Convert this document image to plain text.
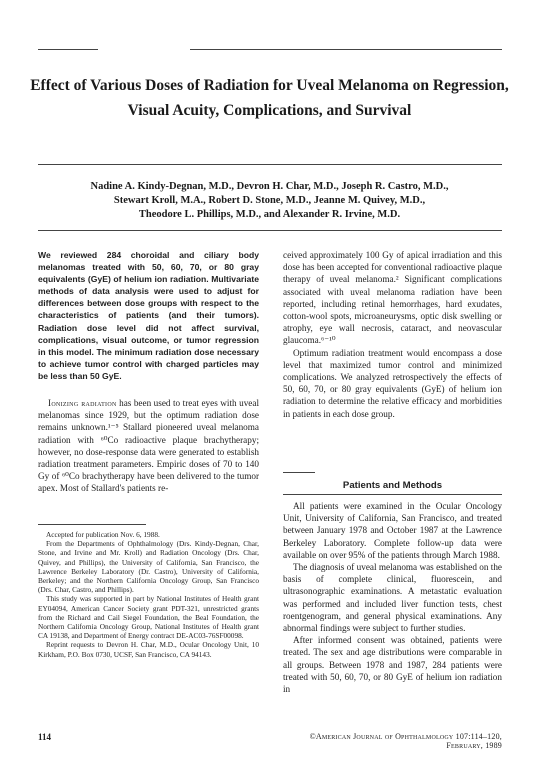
Effect of Various Doses of Radiation for Uveal Melanoma on Regression, Visual Acuity, Complications, and Survival
Nadine A. Kindy-Degnan, M.D., Devron H. Char, M.D., Joseph R. Castro, M.D.,
Stewart Kroll, M.A., Robert D. Stone, M.D., Jeanne M. Quivey, M.D.,
Theodore L. Phillips, M.D., and Alexander R. Irvine, M.D.

We reviewed 284 choroidal and ciliary body melanomas treated with 50, 60, 70, or 80 gray equivalents (GyE) of helium ion radiation. Multivariate methods of data analysis were used to adjust for differences between dose groups with respect to the characteristics of patients (and their tumors). Radiation dose level did not affect survival, complications, visual outcome, or tumor regression in this model. The minimum radiation dose necessary to achieve tumor control with charged particles may be less than 50 GyE.

Ionizing radiation has been used to treat eyes with uveal melanomas since 1929, but the optimum radiation dose remains unknown.¹⁻⁵ Stallard pioneered uveal melanoma radiation with ⁶⁰Co radioactive plaque brachytherapy; however, no dose-response data were generated to establish radiation treatment parameters. Empiric doses of 70 to 140 Gy of ⁶⁰Co brachytherapy have been delivered to the tumor apex. Most of Stallard's patients re-

Accepted for publication Nov. 6, 1988.

From the Departments of Ophthalmology (Drs. Kindy-Degnan, Char, Stone, and Irvine and Mr. Kroll) and Radiation Oncology (Drs. Char, Quivey, and Phillips), the University of California, San Francisco, the Lawrence Berkeley Laboratory (Dr. Castro), University of California, Berkeley; and the Northern California Oncology Group, San Francisco (Drs. Char, Castro, and Phillips).

This study was supported in part by National Institutes of Health grant EY04094, American Cancer Society grant PDT-321, unrestricted grants from the Richard and Cail Siegel Foundation, the Beal Foundation, the Northern California Oncology Group, National Institutes of Health grant CA 19138, and Department of Energy contract DE-AC03-76SF00098.

Reprint requests to Devron H. Char, M.D., Ocular Oncology Unit, 10 Kirkham, P.O. Box 0730, UCSF, San Francisco, CA 94143.

ceived approximately 100 Gy of apical irradiation and this dose has been accepted for conventional radioactive plaque therapy of uveal melanoma.² Significant complications associated with uveal melanoma radiation have been reported, including retinal hemorrhages, hard exudates, cotton-wool spots, microaneurysms, optic disk swelling or atrophy, eye wall necrosis, cataract, and neovascular glaucoma.⁶⁻¹⁰

Optimum radiation treatment would encompass a dose level that maximized tumor control and minimized complications. We analyzed retrospectively the effects of 50, 60, 70, or 80 gray equivalents (GyE) of helium ion radiation to determine the relative efficacy and morbidities in patients in each dose group.

Patients and Methods

All patients were examined in the Ocular Oncology Unit, University of California, San Francisco, and treated between January 1978 and October 1987 at the Lawrence Berkeley Laboratory. Complete follow-up data were available on over 95% of the patients through March 1988.

The diagnosis of uveal melanoma was established on the basis of complete clinical, fluorescein, and ultrasonographic examinations. A metastatic evaluation was performed and included liver function tests, chest roentgenogram, and general physical examinations. Any abnormal findings were subject to further studies.

After informed consent was obtained, patients were treated. The sex and age distributions were comparable in all groups. Between 1978 and 1987, 284 patients were treated with 50, 60, 70, or 80 GyE of helium ion radiation in

114	©American Journal of Ophthalmology 107:114–120, February, 1989
